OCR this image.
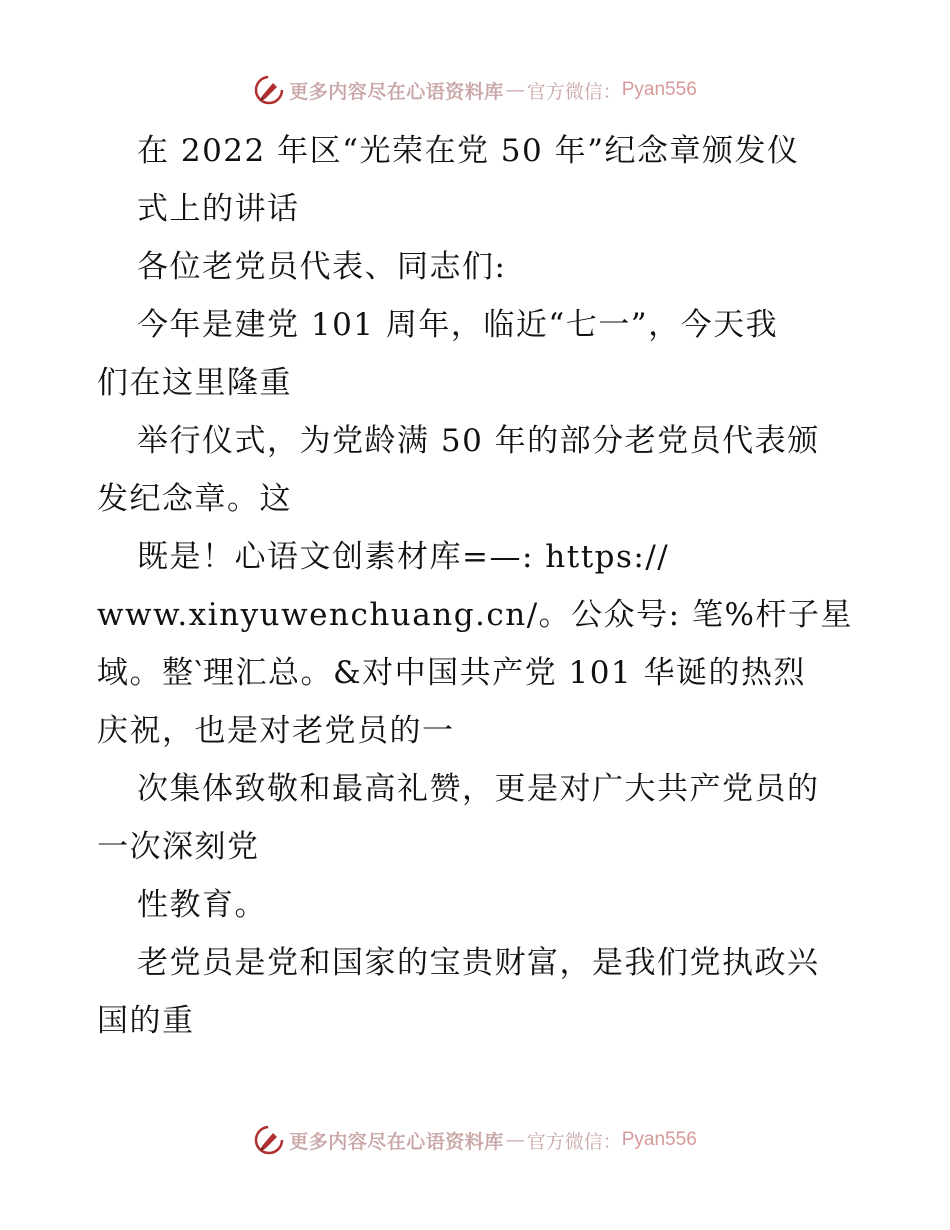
更多内容尽在心语资料库 — 官方微信： Pyan556
在 2022 年区“光荣在党 50 年”纪念章颁发仪
式上的讲话
各位老党员代表、同志们:
今年是建党 101 周年，临近“七一”，今天我
们在这里隆重
举行仪式，为党龄满 50 年的部分老党员代表颁
发纪念章。这
既是！心语文创素材库=—: https://
www.xinyuwenchuang.cn/。公众号: 笔%杆子星
域。整‵理汇总。&对中国共产党 101 华诞的热烈
庆祝，也是对老党员的一
次集体致敬和最高礼赞，更是对广大共产党员的
一次深刻党
性教育。
老党员是党和国家的宝贵财富，是我们党执政兴
国的重
更多内容尽在心语资料库 — 官方微信： Pyan556
